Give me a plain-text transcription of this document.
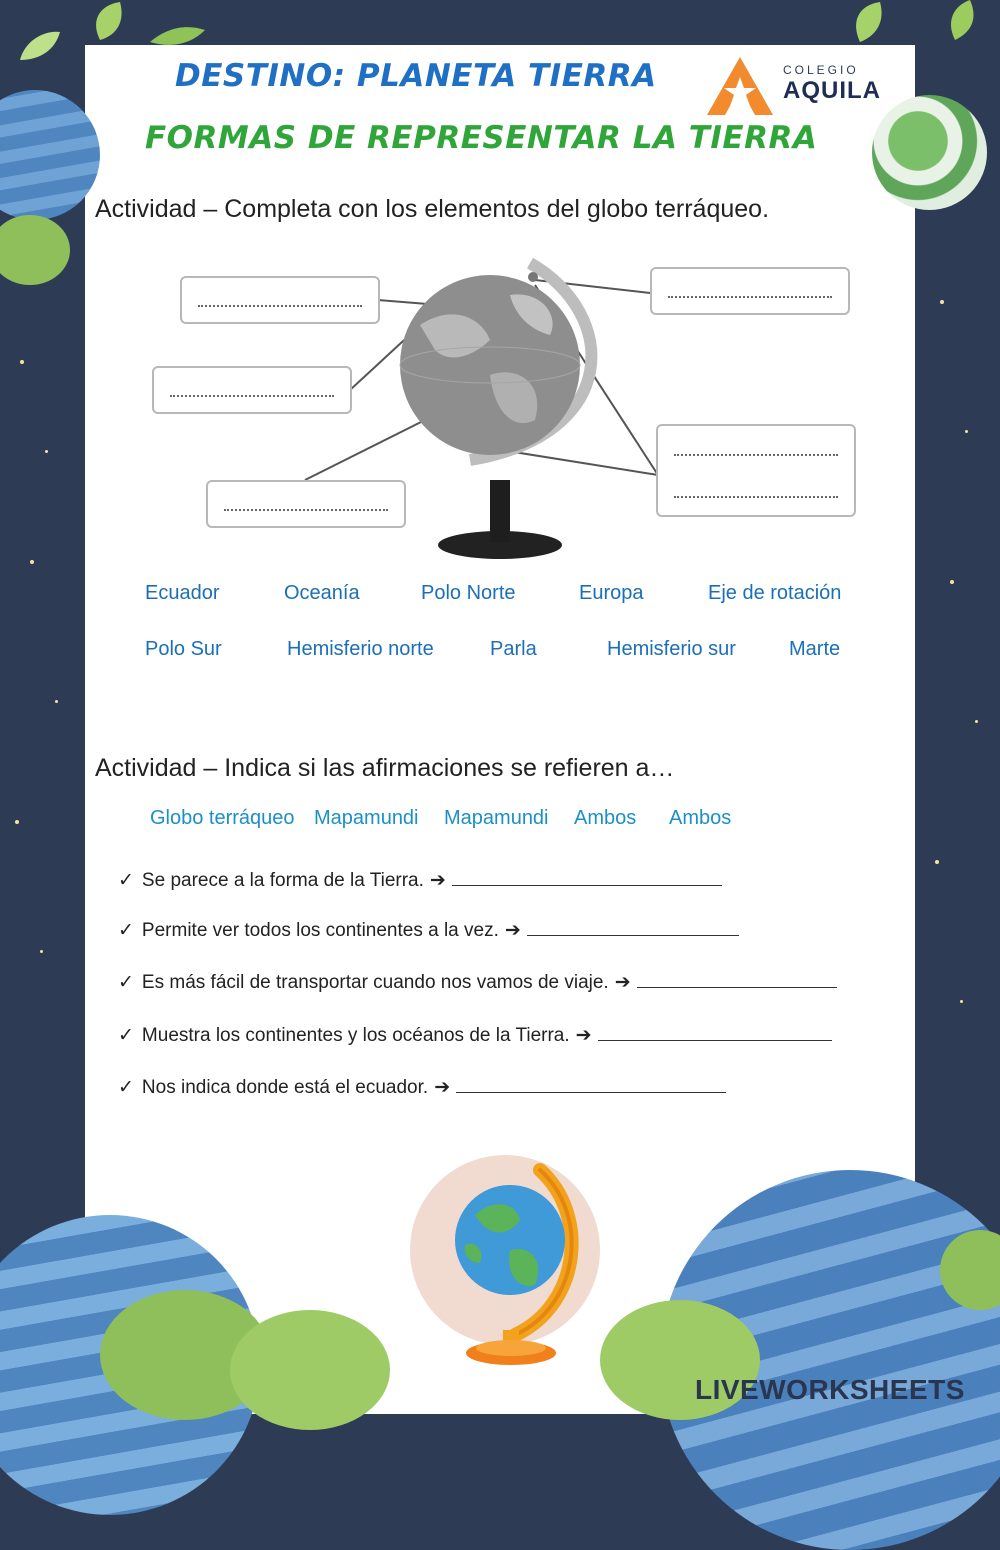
DESTINO: PLANETA TIERRA
FORMAS DE REPRESENTAR LA TIERRA
COLEGIO
AQUILA
Actividad – Completa con los elementos del globo terráqueo.
Ecuador	Oceanía	Polo Norte	Europa	Eje de rotación
Polo Sur	Hemisferio norte	Parla	Hemisferio sur	Marte
Actividad – Indica si las afirmaciones se refieren a…
Globo terráqueo Mapamundi Mapamundi Ambos Ambos
✓ Se parece a la forma de la Tierra. ➔
✓ Permite ver todos los continentes a la vez. ➔
✓ Es más fácil de transportar cuando nos vamos de viaje. ➔
✓ Muestra los continentes y los océanos de la Tierra. ➔
✓ Nos indica donde está el ecuador. ➔
LIVEWORKSHEETS
